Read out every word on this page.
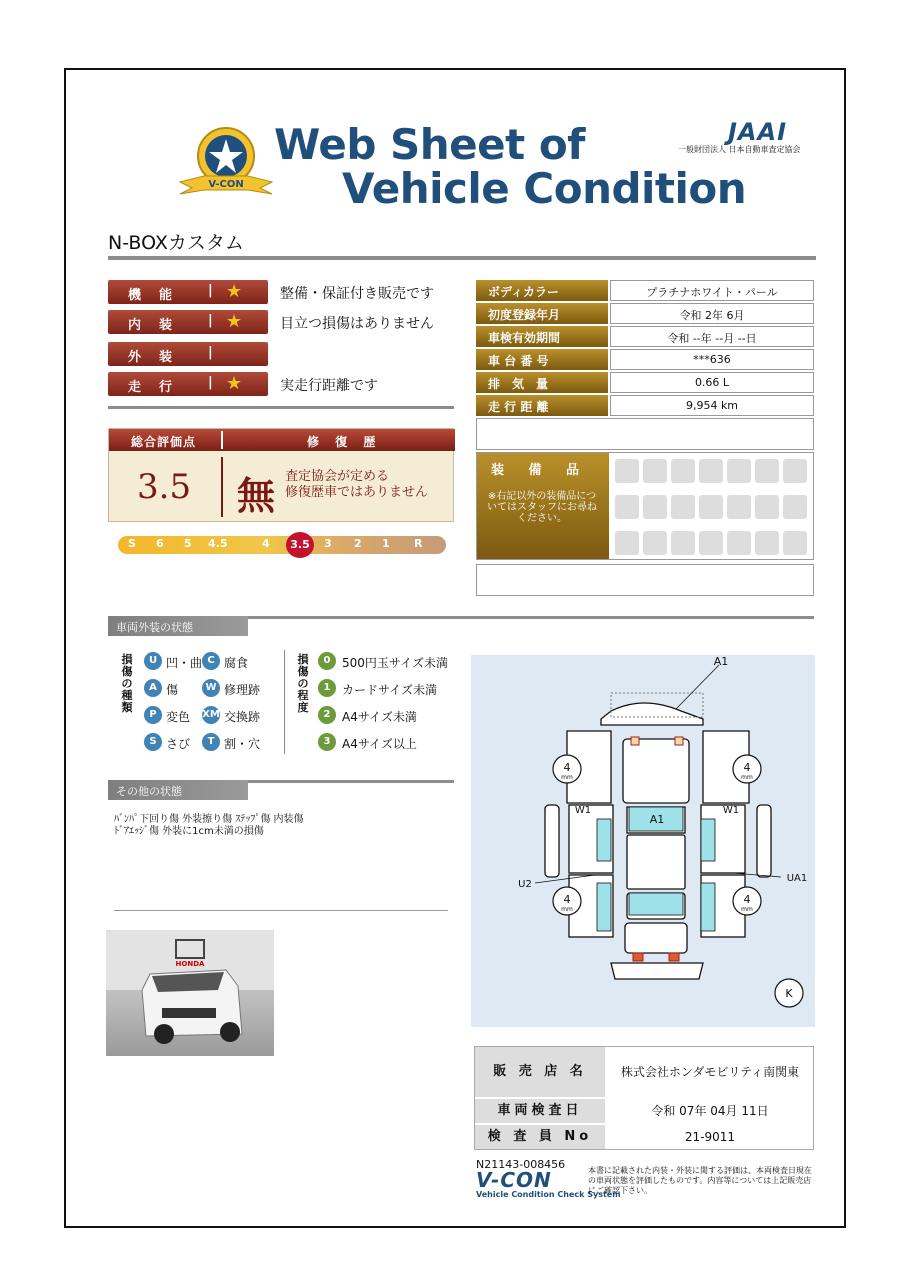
V-CON
Web Sheet of
Vehicle Condition
JAAI
一般財団法人 日本自動車査定協会
N-BOXカスタム
機能 | ★	整備・保証付き販売です
内装 | ★	目立つ損傷はありません
外装 |
走行 | ★	実走行距離です
総合評価点	修 復 歴
3.5 無 査定協会が定める
修復歴車ではありません
S 6 5 4.5	4	3.5	3 2 1 R
ボディカラー	プラチナホワイト・パール
初度登録年月	令和 2年 6月
車検有効期間	令和 --年 --月 --日
車 台 番 号	***636
排　気　量	0.66 L
走 行 距 離	9,954 km
装 備 品
※右記以外の装備品についてはスタッフにお尋ねください。
車両外装の状態
損傷の種類
U 凹・曲 C 腐食
A 傷	W 修理跡
P 変色 XM 交換跡
S さび	T 割・穴
損傷の程度
0 500円玉サイズ未満
1 カードサイズ未満
2 A4サイズ未満
3 A4サイズ以上
その他の状態
ﾊﾞﾝﾊﾟ下回り傷 外装擦り傷 ｽﾃｯﾌﾟ傷 内装傷
ﾄﾞｱｴｯｼﾞ傷 外装に1cm未満の損傷
4
mm
4
mm
4
mm
4
mm
K
A1
A1
W1	W1
U2
UA1
HONDA
販 売 店 名	株式会社ホンダモビリティ南関東
車両検査日	令和 07年 04月 11日
検 査 員 No	21-9011
N21143-008456
V-CON
Vehicle Condition Check System
本書に記載された内装・外装に関する評価は、本両検査日現在の車両状態を評価したものです。内容等については上記販売店にご確認下さい。
